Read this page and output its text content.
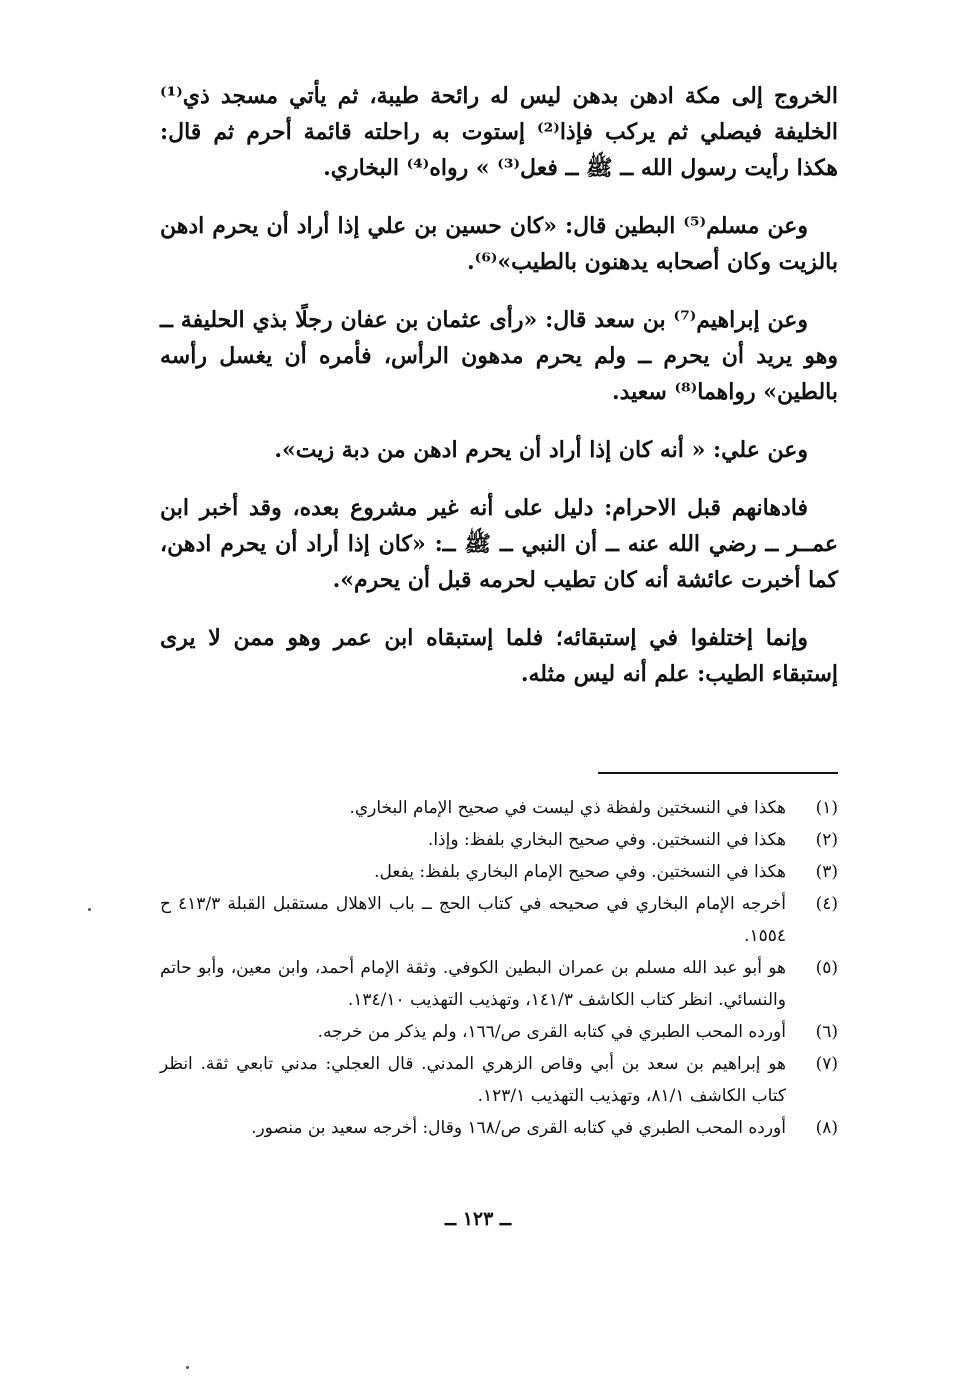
الخروج إلى مكة ادهن بدهن ليس له رائحة طيبة، ثم يأتي مسجد ذي⁽¹⁾ الخليفة فيصلي ثم يركب فإذا⁽²⁾ إستوت به راحلته قائمة أحرم ثم قال: هكذا رأيت رسول الله ــ ﷺ ــ فعل⁽³⁾ » رواه⁽⁴⁾ البخاري.

وعن مسلم⁽⁵⁾ البطين قال: «كان حسين بن علي إذا أراد أن يحرم ادهن بالزيت وكان أصحابه يدهنون بالطيب»⁽⁶⁾.

وعن إبراهيم⁽⁷⁾ بن سعد قال: «رأى عثمان بن عفان رجلًا بذي الحليفة ــ وهو يريد أن يحرم ــ ولم يحرم مدهون الرأس، فأمره أن يغسل رأسه بالطين» رواهما⁽⁸⁾ سعيد.

وعن علي: « أنه كان إذا أراد أن يحرم ادهن من دبة زيت».

فادهانهم قبل الاحرام: دليل على أنه غير مشروع بعده، وقد أخبر ابن عمــر ــ رضي الله عنه ــ أن النبي ــ ﷺ ــ: «كان إذا أراد أن يحرم ادهن، كما أخبرت عائشة أنه كان تطيب لحرمه قبل أن يحرم».

وإنما إختلفوا في إستبقائه؛ فلما إستبقاه ابن عمر وهو ممن لا يرى إستبقاء الطيب: علم أنه ليس مثله.

(١)
هكذا في النسختين ولفظة ذي ليست في صحيح الإمام البخاري.
(٢)
هكذا في النسختين. وفي صحيح البخاري بلفظ: وإذا.
(٣)
هكذا في النسختين. وفي صحيح الإمام البخاري بلفظ: يفعل.
(٤)
أخرجه الإمام البخاري في صحيحه في كتاب الحج ــ باب الاهلال مستقبل القبلة ٤١٣/٣ ح ١٥٥٤.
(٥)
هو أبو عبد الله مسلم بن عمران البطين الكوفي. وثقة الإمام أحمد، وابن معين، وأبو حاتم والنسائي. انظر كتاب الكاشف ١٤١/٣، وتهذيب التهذيب ١٣٤/١٠.
(٦)
أورده المحب الطبري في كتابه القرى ص/١٦٦، ولم يذكر من خرجه.
(٧)
هو إبراهيم بن سعد بن أبي وقاص الزهري المدني. قال العجلي: مدني تابعي ثقة. انظر كتاب الكاشف ٨١/١، وتهذيب التهذيب ١٢٣/١.
(٨)
أورده المحب الطبري في كتابه القرى ص/١٦٨ وقال: أخرجه سعيد بن منصور.
ــ ١٢٣ ــ
